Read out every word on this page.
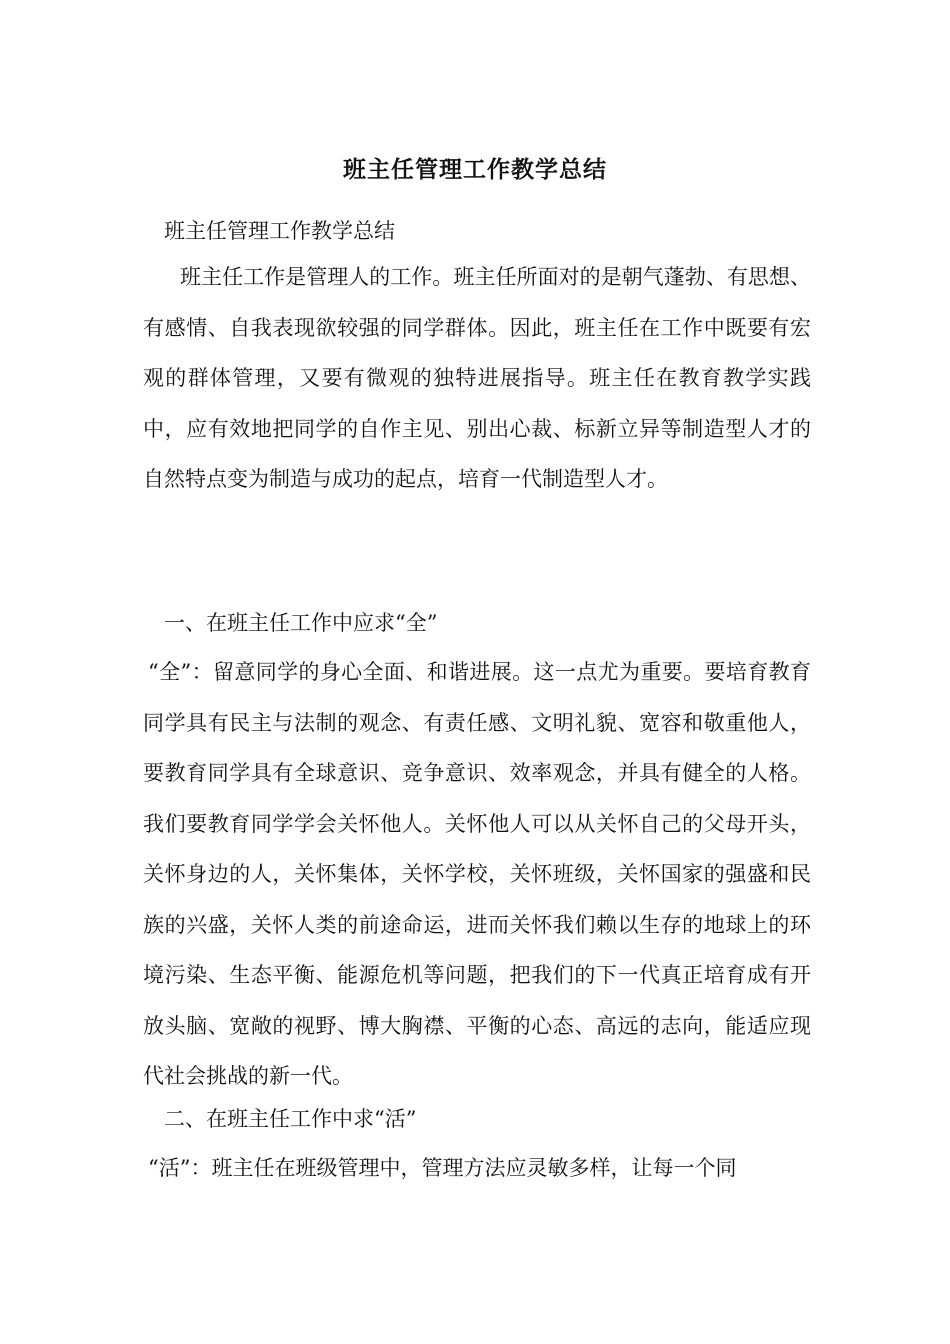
班主任管理工作教学总结
班主任管理工作教学总结
班主任工作是管理人的工作。班主任所面对的是朝气蓬勃、有思想、有感情、自我表现欲较强的同学群体。因此，班主任在工作中既要有宏观的群体管理，又要有微观的独特进展指导。班主任在教育教学实践中，应有效地把同学的自作主见、别出心裁、标新立异等制造型人才的自然特点变为制造与成功的起点，培育一代制造型人才。
一、在班主任工作中应求“全”
“全”：留意同学的身心全面、和谐进展。这一点尤为重要。要培育教育同学具有民主与法制的观念、有责任感、文明礼貌、宽容和敬重他人，要教育同学具有全球意识、竞争意识、效率观念，并具有健全的人格。我们要教育同学学会关怀他人。关怀他人可以从关怀自己的父母开头，关怀身边的人，关怀集体，关怀学校，关怀班级，关怀国家的强盛和民族的兴盛，关怀人类的前途命运，进而关怀我们赖以生存的地球上的环境污染、生态平衡、能源危机等问题，把我们的下一代真正培育成有开放头脑、宽敞的视野、博大胸襟、平衡的心态、高远的志向，能适应现代社会挑战的新一代。
二、在班主任工作中求“活”
“活”：班主任在班级管理中，管理方法应灵敏多样，让每一个同
